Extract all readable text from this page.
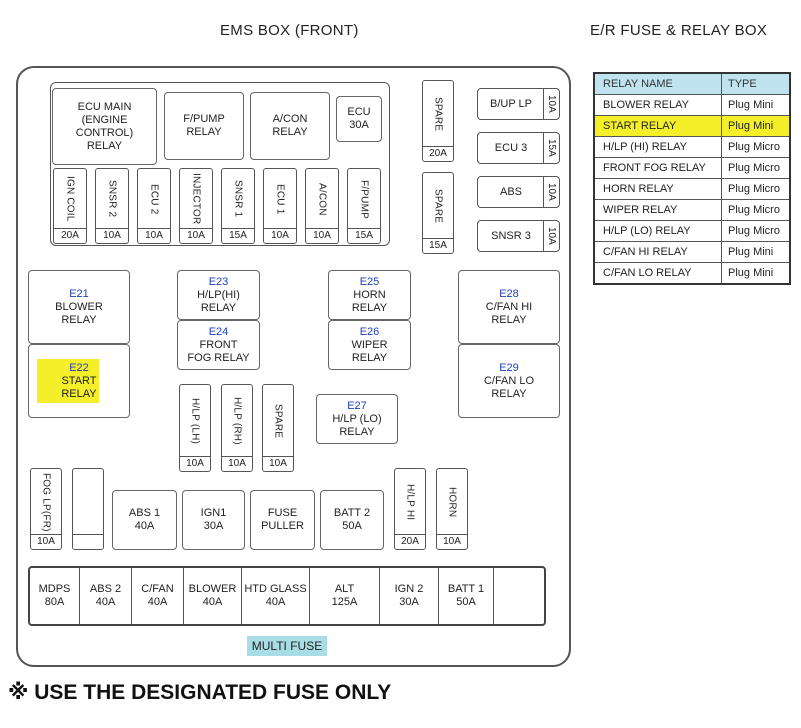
EMS BOX (FRONT)	E/R FUSE & RELAY BOX
ECU MAIN
(ENGINE CONTROL)
RELAY
F/PUMP
RELAY
A/CON
RELAY
ECU
30A
IGN COIL
20A
SNSR 2
10A
ECU 2
10A
INJECTOR
10A
SNSR 1
15A
ECU 1
10A
A/CON
10A
F/PUMP
15A
SPARE
20A
SPARE
15A
B/UP LP	10A
ECU 3	15A
ABS	10A
SNSR 3	10A
E21
BLOWER
RELAY
E22
START
RELAY
E23
H/LP(HI)
RELAY
E24
FRONT
FOG RELAY
E25
HORN
RELAY
E26
WIPER
RELAY
E28
C/FAN HI
RELAY
E29
C/FAN LO
RELAY
E27
H/LP (LO)
RELAY
H/LP (LH)
10A
H/LP (RH)
10A
SPARE
10A
FOG LP(FR)
10A
ABS 1
40A
IGN1
30A
FUSE
PULLER
BATT 2
50A
H/LP HI
20A
HORN
10A
MDPS
80A
ABS 2
40A
C/FAN
40A
BLOWER
40A
HTD GLASS
40A
ALT
125A
IGN 2
30A
BATT 1
50A
MULTI FUSE
RELAY NAME	TYPE
BLOWER RELAY	Plug Mini
START RELAY	Plug Mini
H/LP (HI) RELAY	Plug Micro
FRONT FOG RELAY	Plug Micro
HORN RELAY	Plug Micro
WIPER RELAY	Plug Micro
H/LP (LO) RELAY	Plug Micro
C/FAN HI RELAY	Plug Mini
C/FAN LO RELAY	Plug Mini
※ USE THE DESIGNATED FUSE ONLY
